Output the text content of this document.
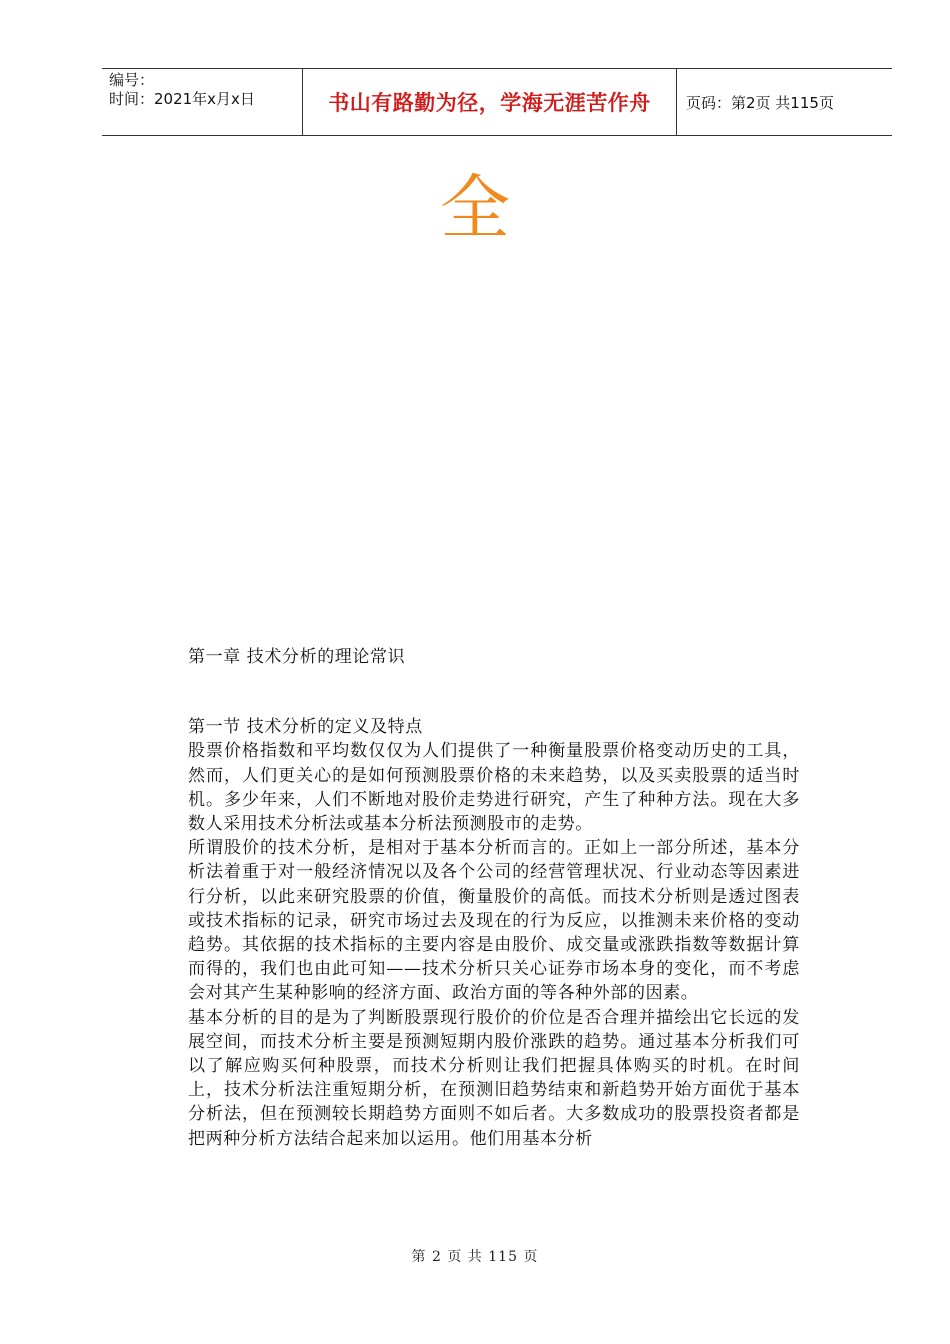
编号：
时间：2021年x月x日	书山有路勤为径，学海无涯苦作舟	页码：第2页 共115页
全

第一章 技术分析的理论常识

第一节 技术分析的定义及特点

股票价格指数和平均数仅仅为人们提供了一种衡量股票价格变动历史的工具，然而，人们更关心的是如何预测股票价格的未来趋势，以及买卖股票的适当时机。多少年来，人们不断地对股价走势进行研究，产生了种种方法。现在大多数人采用技术分析法或基本分析法预测股市的走势。

所谓股价的技术分析，是相对于基本分析而言的。正如上一部分所述，基本分析法着重于对一般经济情况以及各个公司的经营管理状况、行业动态等因素进行分析，以此来研究股票的价值，衡量股价的高低。而技术分析则是透过图表或技术指标的记录，研究市场过去及现在的行为反应，以推测未来价格的变动趋势。其依据的技术指标的主要内容是由股价、成交量或涨跌指数等数据计算而得的，我们也由此可知——技术分析只关心证券市场本身的变化，而不考虑会对其产生某种影响的经济方面、政治方面的等各种外部的因素。

基本分析的目的是为了判断股票现行股价的价位是否合理并描绘出它长远的发展空间，而技术分析主要是预测短期内股价涨跌的趋势。通过基本分析我们可以了解应购买何种股票，而技术分析则让我们把握具体购买的时机。在时间上，技术分析法注重短期分析，在预测旧趋势结束和新趋势开始方面优于基本分析法，但在预测较长期趋势方面则不如后者。大多数成功的股票投资者都是把两种分析方法结合起来加以运用。他们用基本分析

第 2 页 共 115 页
